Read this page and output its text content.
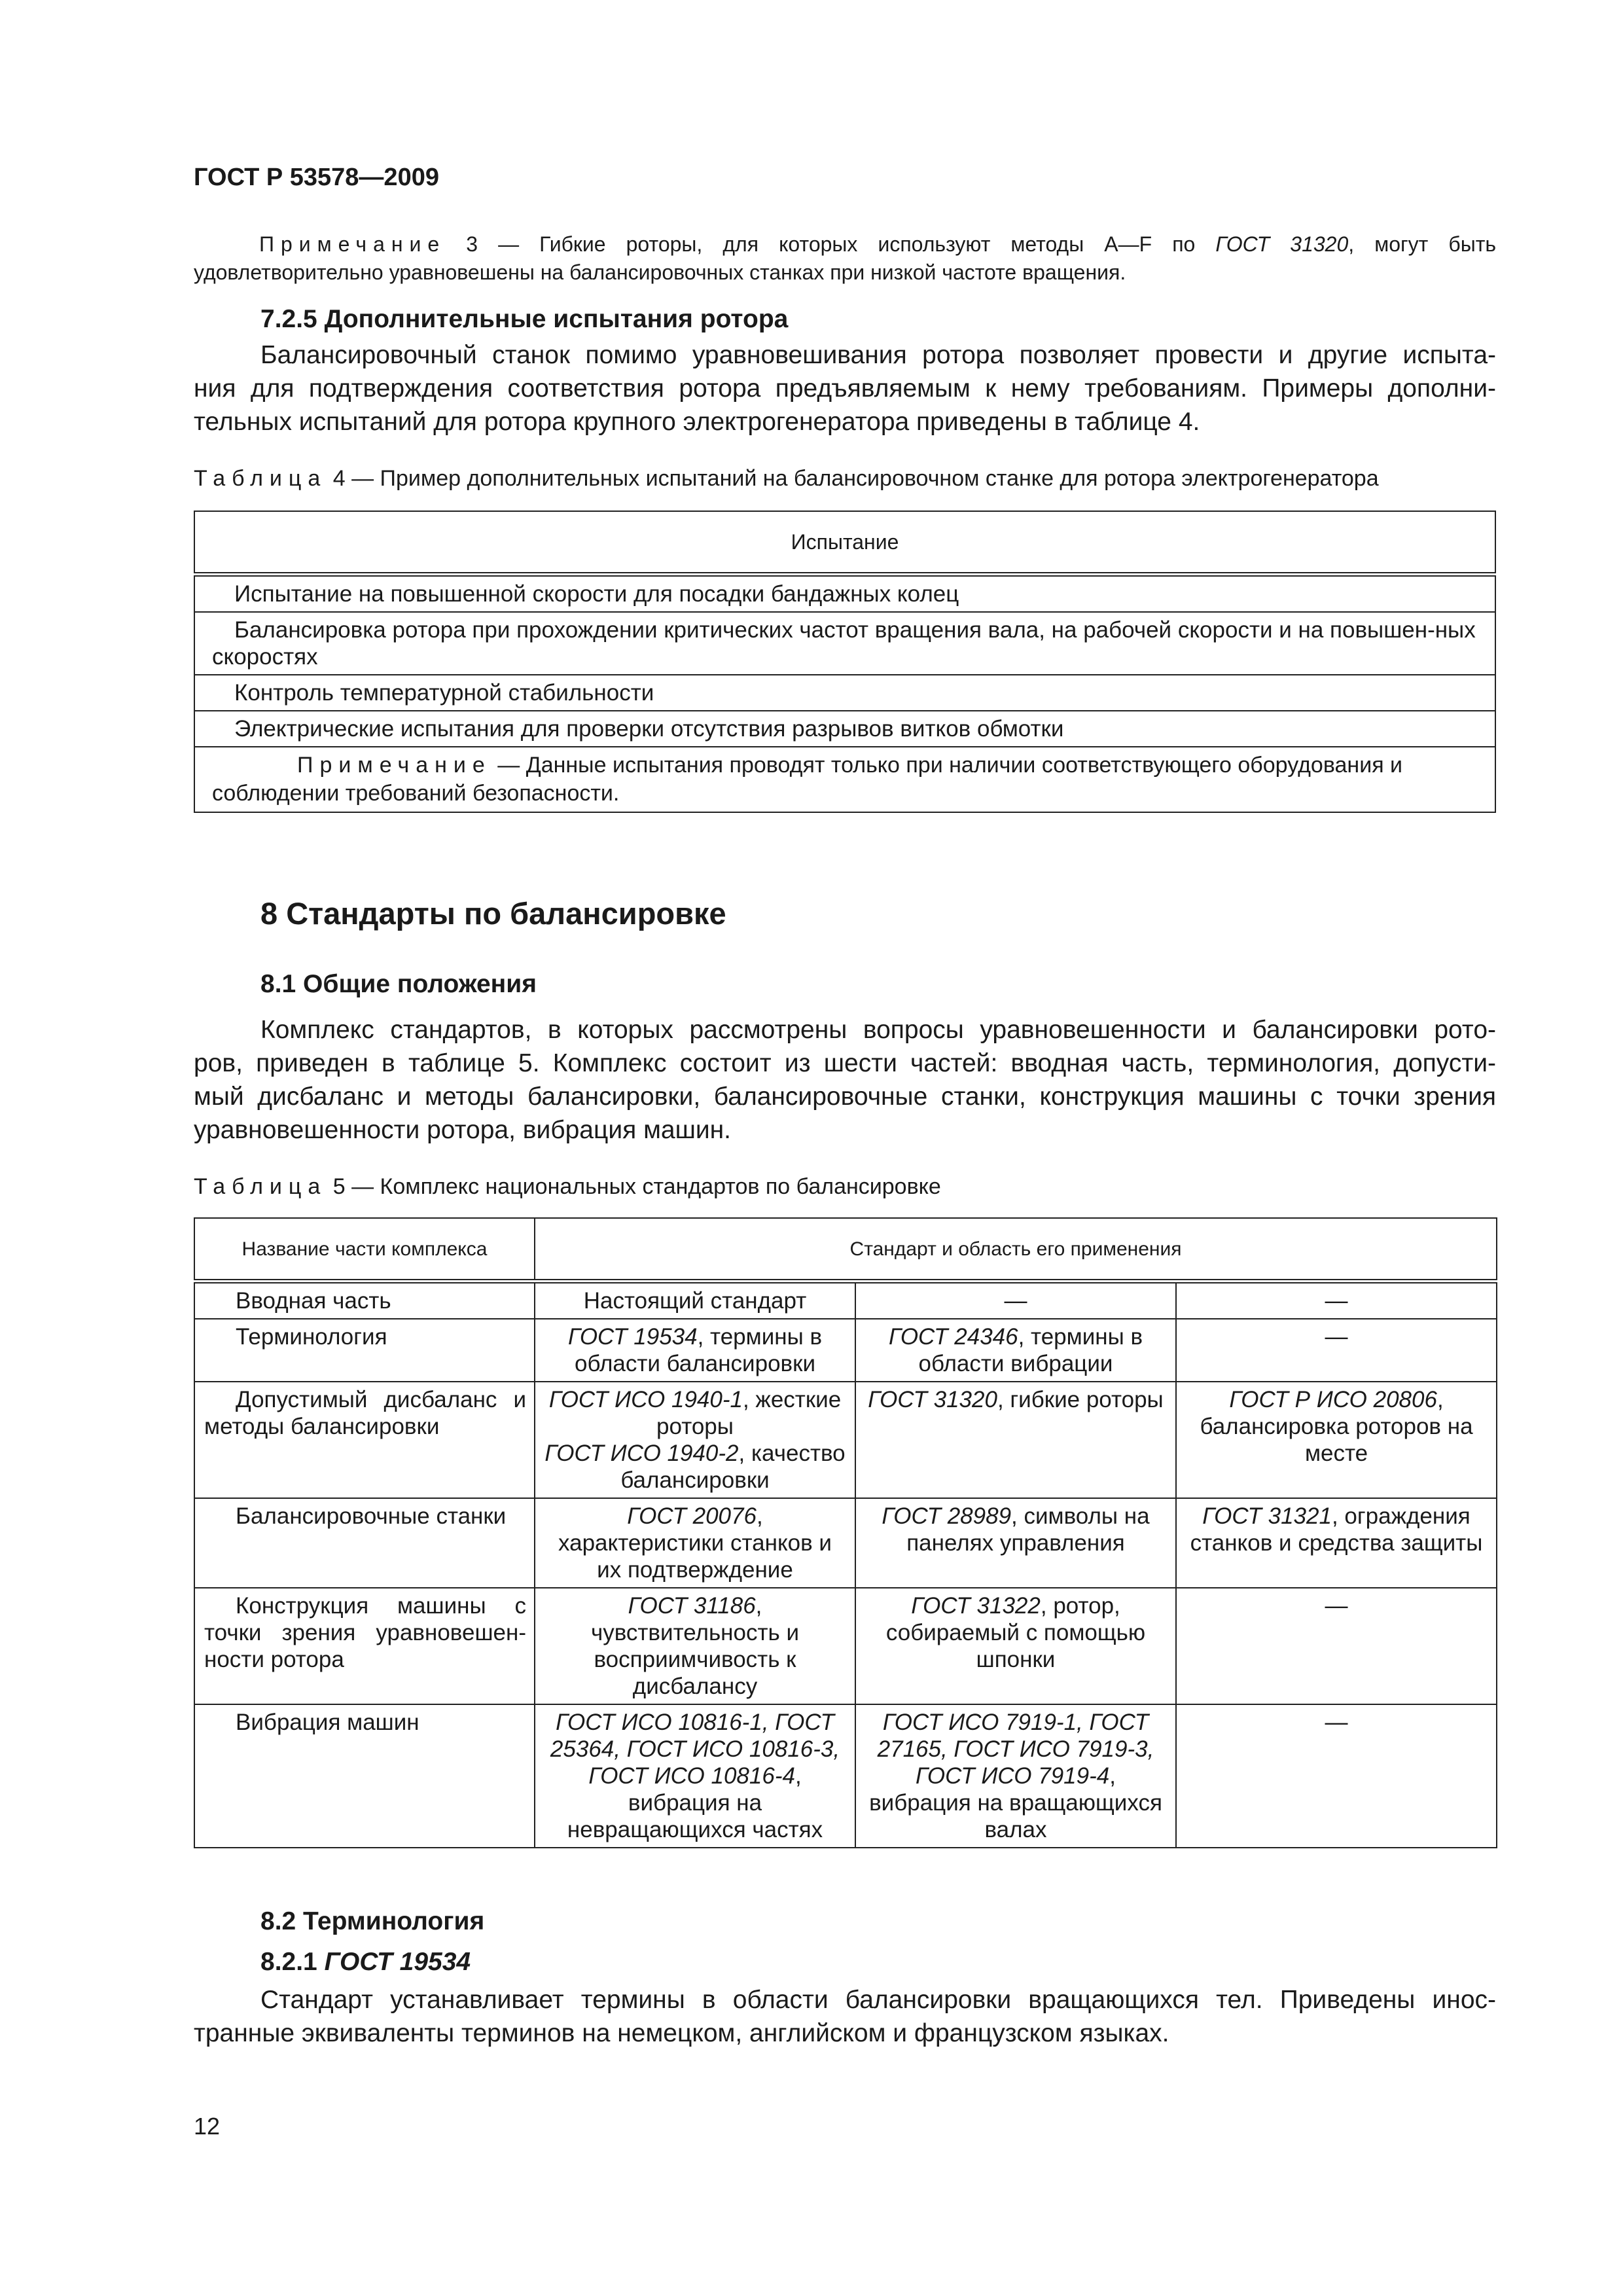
ГОСТ Р 53578—2009
Примечание 3 — Гибкие роторы, для которых используют методы A—F по ГОСТ 31320, могут быть
удовлетворительно уравновешены на балансировочных станках при низкой частоте вращения.
7.2.5 Дополнительные испытания ротора
Балансировочный станок помимо уравновешивания ротора позволяет провести и другие испыта-
ния для подтверждения соответствия ротора предъявляемым к нему требованиям. Примеры дополни-
тельных испытаний для ротора крупного электрогенератора приведены в таблице 4.
Таблица 4 — Пример дополнительных испытаний на балансировочном станке для ротора электрогенератора
Испытание
Испытание на повышенной скорости для посадки бандажных колец
Балансировка ротора при прохождении критических частот вращения вала, на рабочей скорости и на повышен-ных скоростях
Контроль температурной стабильности
Электрические испытания для проверки отсутствия разрывов витков обмотки
Примечание — Данные испытания проводят только при наличии соответствующего оборудования и соблюдении требований безопасности.
8 Стандарты по балансировке
8.1 Общие положения
Комплекс стандартов, в которых рассмотрены вопросы уравновешенности и балансировки рото-
ров, приведен в таблице 5. Комплекс состоит из шести частей: вводная часть, терминология, допусти-
мый дисбаланс и методы балансировки, балансировочные станки, конструкция машины с точки зрения
уравновешенности ротора, вибрация машин.
Таблица 5 — Комплекс национальных стандартов по балансировке
Название части комплекса	Стандарт и область его применения		
Вводная часть	Настоящий стандарт	—	—
Терминология	ГОСТ 19534, термины в области балансировки	ГОСТ 24346, термины в области вибрации	—
Допустимый дисбаланс и методы балансировки	ГОСТ ИСО 1940-1, жесткие роторы
ГОСТ ИСО 1940-2, качество балансировки	ГОСТ 31320, гибкие роторы	ГОСТ Р ИСО 20806, балансировка роторов на месте
Балансировочные станки	ГОСТ 20076, характеристики станков и их подтверждение	ГОСТ 28989, символы на панелях управления	ГОСТ 31321, ограждения станков и средства защиты
Конструкция машины с точки зрения уравновешен-ности ротора	ГОСТ 31186, чувствительность и восприимчивость к дисбалансу	ГОСТ 31322, ротор, собираемый с помощью шпонки	—
Вибрация машин	ГОСТ ИСО 10816-1, ГОСТ 25364, ГОСТ ИСО 10816-3, ГОСТ ИСО 10816-4, вибрация на невращающихся частях	ГОСТ ИСО 7919-1, ГОСТ 27165, ГОСТ ИСО 7919-3, ГОСТ ИСО 7919-4, вибрация на вращающихся валах	—
8.2 Терминология
8.2.1 ГОСТ 19534
Стандарт устанавливает термины в области балансировки вращающихся тел. Приведены инос-
транные эквиваленты терминов на немецком, английском и французском языках.
12
